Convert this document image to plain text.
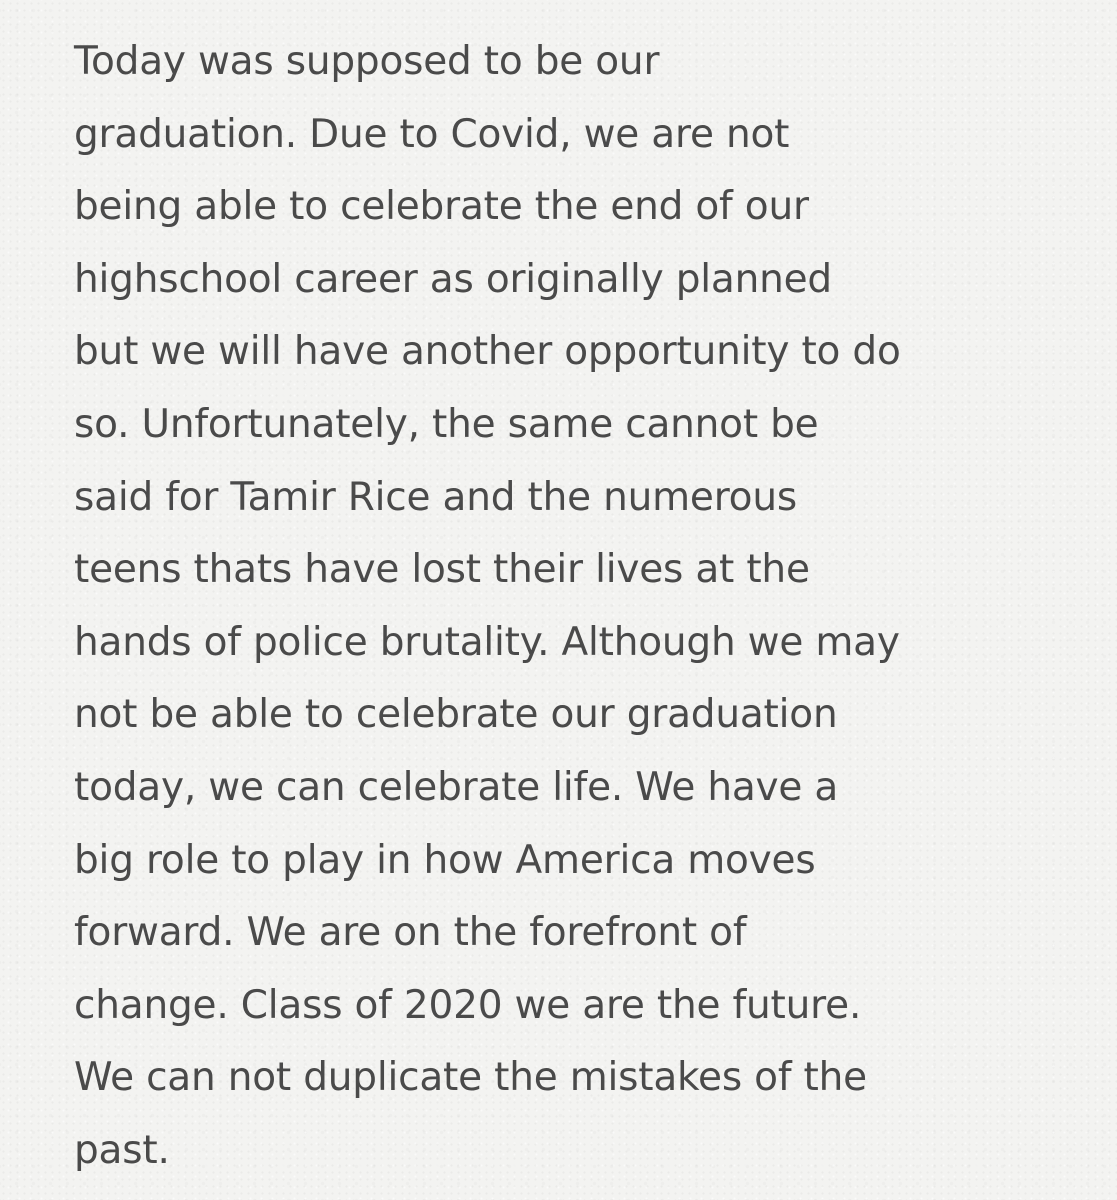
Today was supposed to be our
graduation. Due to Covid, we are not
being able to celebrate the end of our
highschool career as originally planned
but we will have another opportunity to do
so. Unfortunately, the same cannot be
said for Tamir Rice and the numerous
teens thats have lost their lives at the
hands of police brutality. Although we may
not be able to celebrate our graduation
today, we can celebrate life. We have a
big role to play in how America moves
forward. We are on the forefront of
change. Class of 2020 we are the future.
We can not duplicate the mistakes of the
past.
